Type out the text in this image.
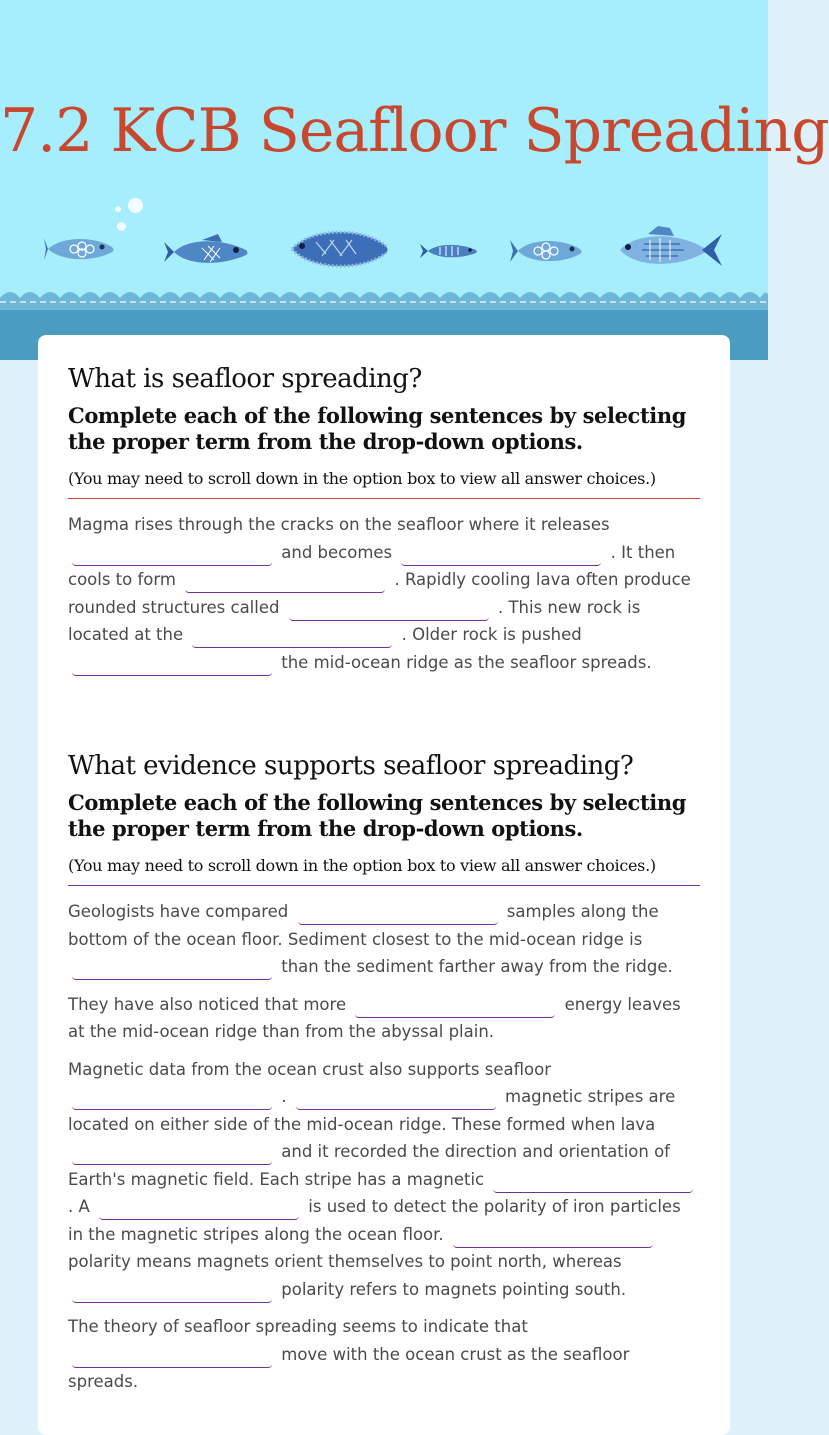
7.2 KCB Seafloor Spreading
What is seafloor spreading?
Complete each of the following sentences by selecting the proper term from the drop-down options.
(You may need to scroll down in the option box to view all answer choices.)
Magma rises through the cracks on the seafloor where it releases  and becomes	. It then cools to form	. Rapidly cooling lava often produce rounded structures called	. This new rock is located at the	. Older rock is pushed  the mid-ocean ridge as the seafloor spreads.
What evidence supports seafloor spreading?
Complete each of the following sentences by selecting the proper term from the drop-down options.
(You may need to scroll down in the option box to view all answer choices.)
Geologists have compared	samples along the bottom of the ocean floor. Sediment closest to the mid-ocean ridge is  than the sediment farther away from the ridge.
They have also noticed that more	energy leaves at the mid-ocean ridge than from the abyssal plain.
Magnetic data from the ocean crust also supports seafloor  .	magnetic stripes are located on either side of the mid-ocean ridge. These formed when lava  and it recorded the direction and orientation of Earth's magnetic field. Each stripe has a magnetic  . A	is used to detect the polarity of iron particles in the magnetic stripes along the ocean floor.  polarity means magnets orient themselves to point north, whereas  polarity refers to magnets pointing south.
The theory of seafloor spreading seems to indicate that  move with the ocean crust as the seafloor spreads.
